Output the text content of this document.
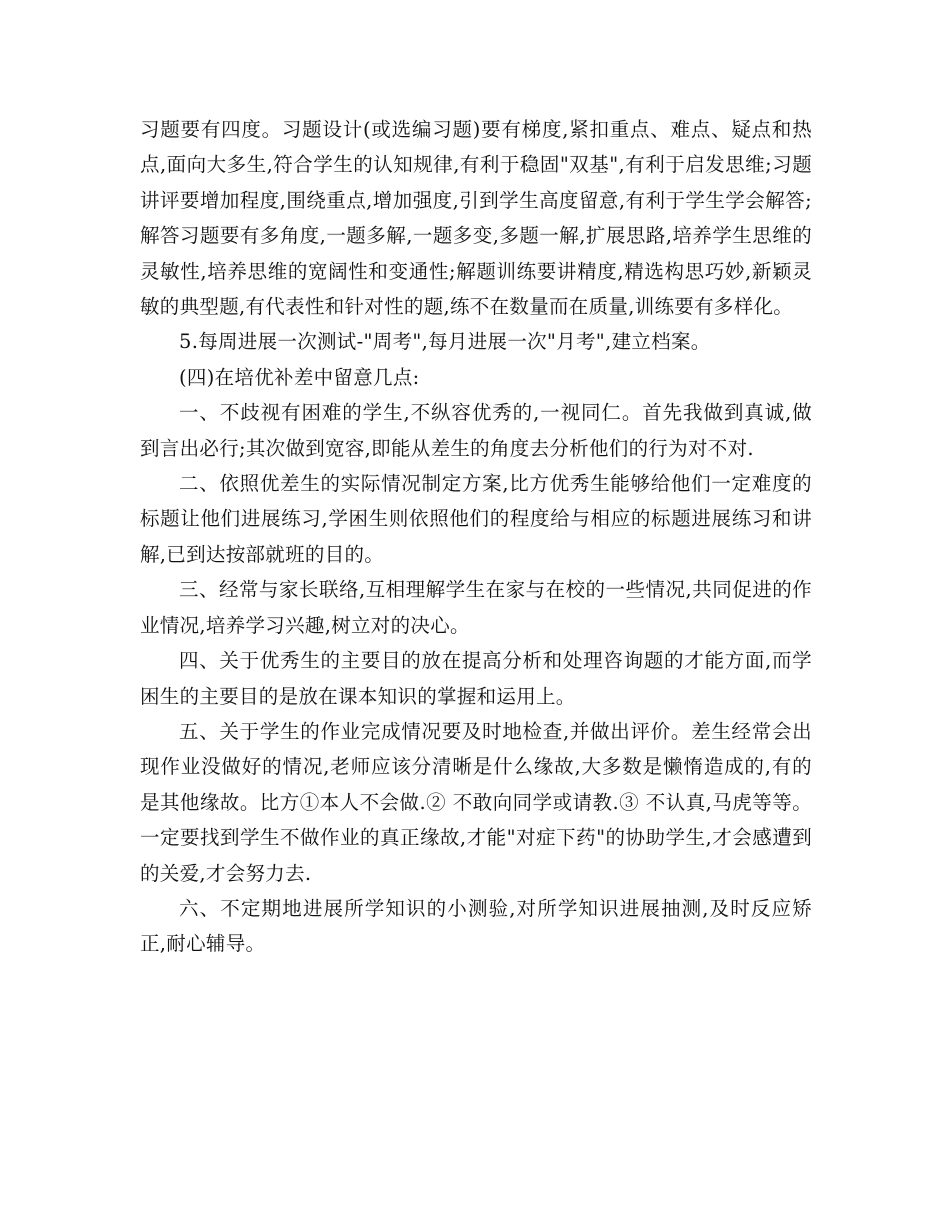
习题要有四度。习题设计(或选编习题)要有梯度,紧扣重点、难点、疑点和热点,面向大多生,符合学生的认知规律,有利于稳固"双基",有利于启发思维;习题讲评要增加程度,围绕重点,增加强度,引到学生高度留意,有利于学生学会解答;解答习题要有多角度,一题多解,一题多变,多题一解,扩展思路,培养学生思维的灵敏性,培养思维的宽阔性和变通性;解题训练要讲精度,精选构思巧妙,新颖灵敏的典型题,有代表性和针对性的题,练不在数量而在质量,训练要有多样化。

5.每周进展一次测试-"周考",每月进展一次"月考",建立档案。

(四)在培优补差中留意几点:

一、不歧视有困难的学生,不纵容优秀的,一视同仁。首先我做到真诚,做到言出必行;其次做到宽容,即能从差生的角度去分析他们的行为对不对.

二、依照优差生的实际情况制定方案,比方优秀生能够给他们一定难度的标题让他们进展练习,学困生则依照他们的程度给与相应的标题进展练习和讲解,已到达按部就班的目的。

三、经常与家长联络,互相理解学生在家与在校的一些情况,共同促进的作业情况,培养学习兴趣,树立对的决心。

四、关于优秀生的主要目的放在提高分析和处理咨询题的才能方面,而学困生的主要目的是放在课本知识的掌握和运用上。

五、关于学生的作业完成情况要及时地检查,并做出评价。差生经常会出现作业没做好的情况,老师应该分清晰是什么缘故,大多数是懒惰造成的,有的是其他缘故。比方①本人不会做.② 不敢向同学或请教.③ 不认真,马虎等等。一定要找到学生不做作业的真正缘故,才能"对症下药"的协助学生,才会感遭到的关爱,才会努力去.

六、不定期地进展所学知识的小测验,对所学知识进展抽测,及时反应矫正,耐心辅导。
